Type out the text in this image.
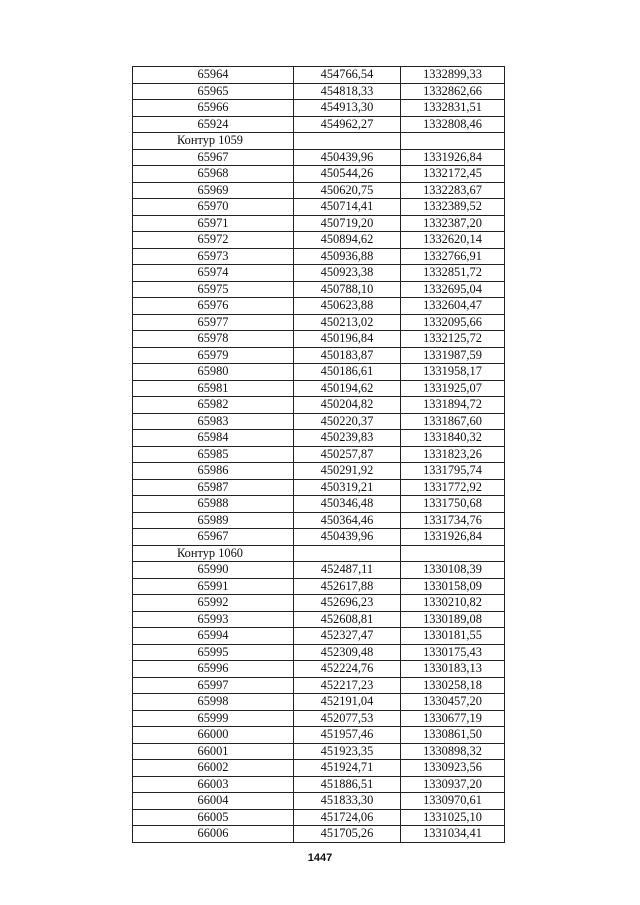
65964	454766,54	1332899,33
65965	454818,33	1332862,66
65966	454913,30	1332831,51
65924	454962,27	1332808,46
Контур 1059		
65967	450439,96	1331926,84
65968	450544,26	1332172,45
65969	450620,75	1332283,67
65970	450714,41	1332389,52
65971	450719,20	1332387,20
65972	450894,62	1332620,14
65973	450936,88	1332766,91
65974	450923,38	1332851,72
65975	450788,10	1332695,04
65976	450623,88	1332604,47
65977	450213,02	1332095,66
65978	450196,84	1332125,72
65979	450183,87	1331987,59
65980	450186,61	1331958,17
65981	450194,62	1331925,07
65982	450204,82	1331894,72
65983	450220,37	1331867,60
65984	450239,83	1331840,32
65985	450257,87	1331823,26
65986	450291,92	1331795,74
65987	450319,21	1331772,92
65988	450346,48	1331750,68
65989	450364,46	1331734,76
65967	450439,96	1331926,84
Контур 1060		
65990	452487,11	1330108,39
65991	452617,88	1330158,09
65992	452696,23	1330210,82
65993	452608,81	1330189,08
65994	452327,47	1330181,55
65995	452309,48	1330175,43
65996	452224,76	1330183,13
65997	452217,23	1330258,18
65998	452191,04	1330457,20
65999	452077,53	1330677,19
66000	451957,46	1330861,50
66001	451923,35	1330898,32
66002	451924,71	1330923,56
66003	451886,51	1330937,20
66004	451833,30	1330970,61
66005	451724,06	1331025,10
66006	451705,26	1331034,41
1447
